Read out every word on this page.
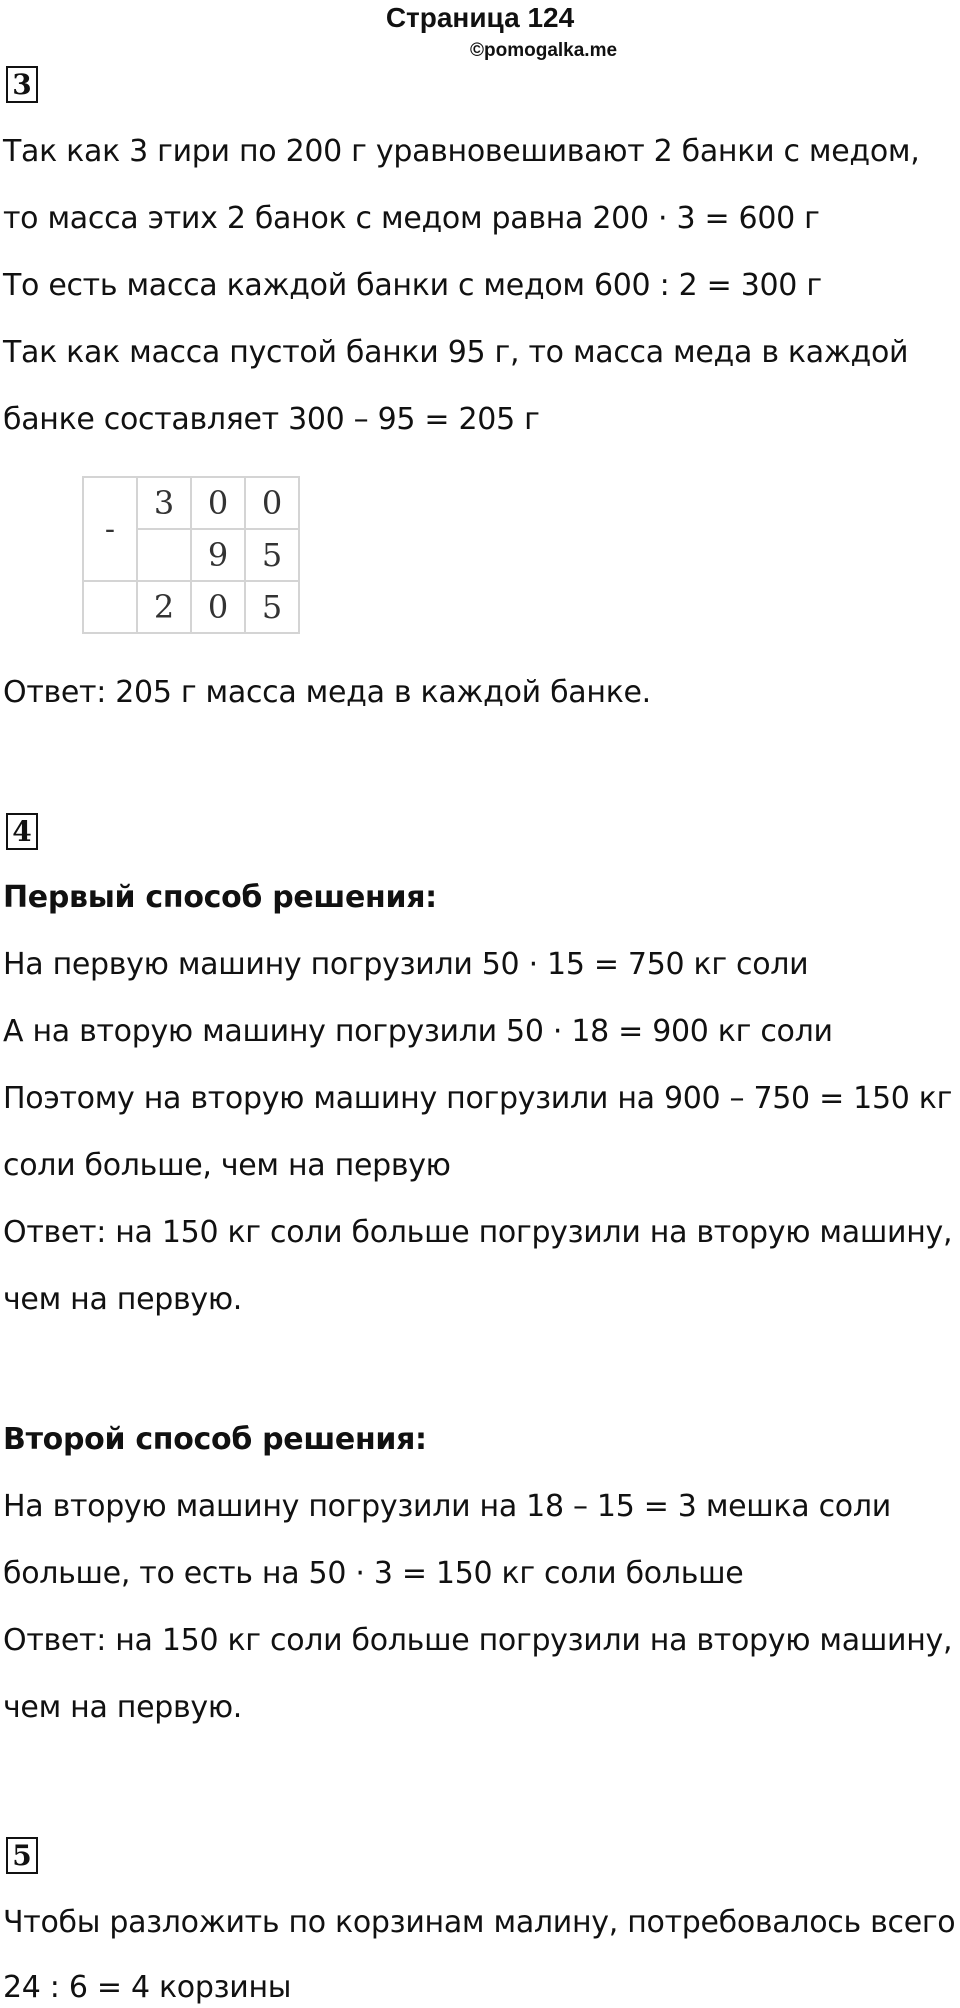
Страница 124
©pomogalka.me
3
Так как 3 гири по 200 г уравновешивают 2 банки с медом,
то масса этих 2 банок с медом равна 200 · 3 = 600 г
То есть масса каждой банки с медом 600 : 2 = 300 г
Так как масса пустой банки 95 г, то масса меда в каждой
банке составляет 300 – 95 = 205 г
-	3	0	0
		9	5
	2	0	5
Ответ: 205 г масса меда в каждой банке.
4
Первый способ решения:
На первую машину погрузили 50 · 15 = 750 кг соли
А на вторую машину погрузили 50 · 18 = 900 кг соли
Поэтому на вторую машину погрузили на 900 – 750 = 150 кг
соли больше, чем на первую
Ответ: на 150 кг соли больше погрузили на вторую машину,
чем на первую.
Второй способ решения:
На вторую машину погрузили на 18 – 15 = 3 мешка соли
больше, то есть на 50 · 3 = 150 кг соли больше
Ответ: на 150 кг соли больше погрузили на вторую машину,
чем на первую.
5
Чтобы разложить по корзинам малину, потребовалось всего
24 : 6 = 4 корзины
